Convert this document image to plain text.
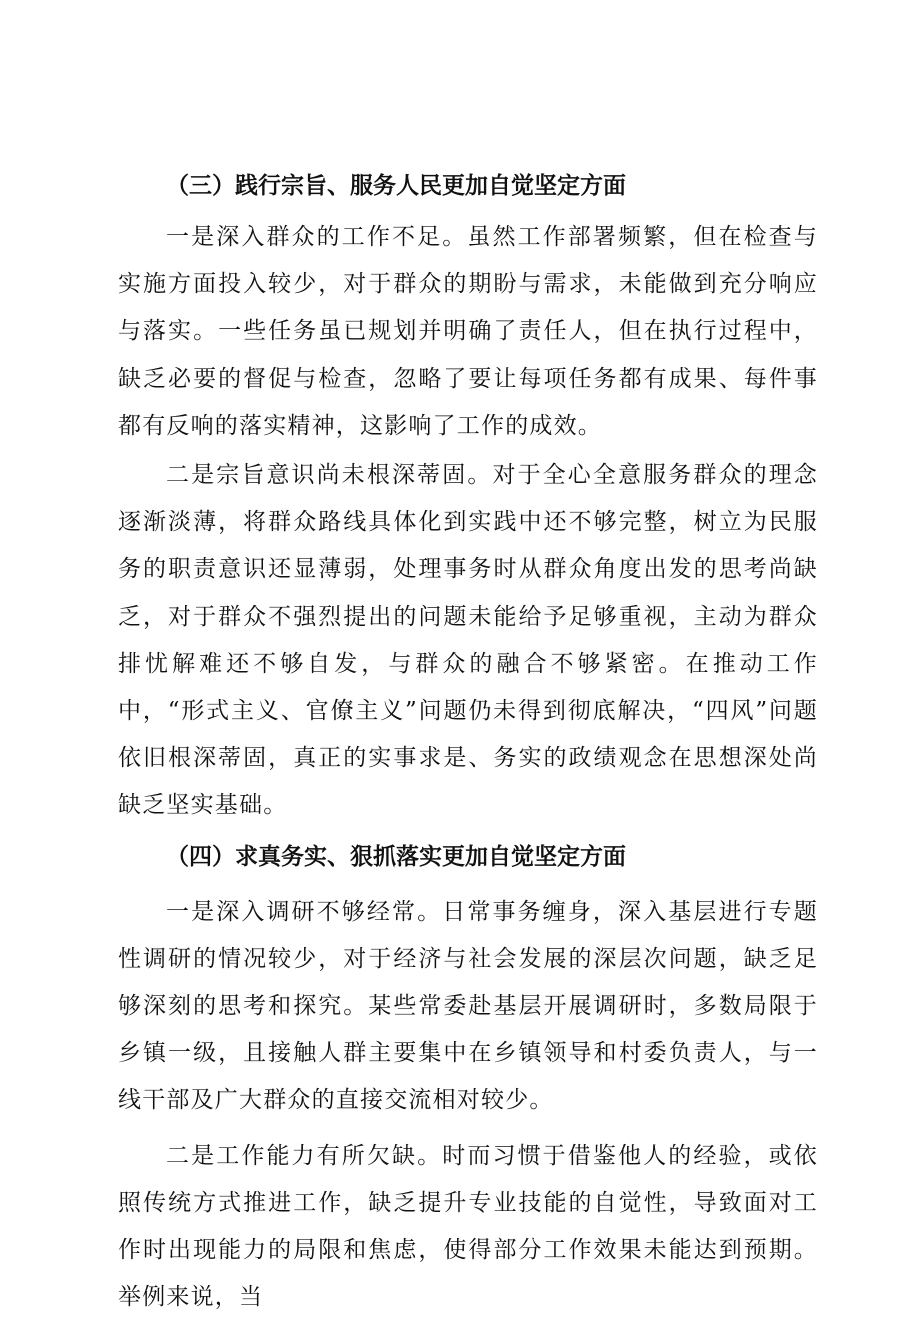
（三）践行宗旨、服务人民更加自觉坚定方面

一是深入群众的工作不足。虽然工作部署频繁，但在检查与实施方面投入较少，对于群众的期盼与需求，未能做到充分响应与落实。一些任务虽已规划并明确了责任人，但在执行过程中，缺乏必要的督促与检查，忽略了要让每项任务都有成果、每件事都有反响的落实精神，这影响了工作的成效。

二是宗旨意识尚未根深蒂固。对于全心全意服务群众的理念逐渐淡薄，将群众路线具体化到实践中还不够完整，树立为民服务的职责意识还显薄弱，处理事务时从群众角度出发的思考尚缺乏，对于群众不强烈提出的问题未能给予足够重视，主动为群众排忧解难还不够自发，与群众的融合不够紧密。在推动工作中，“形式主义、官僚主义”问题仍未得到彻底解决，“四风”问题依旧根深蒂固，真正的实事求是、务实的政绩观念在思想深处尚缺乏坚实基础。

（四）求真务实、狠抓落实更加自觉坚定方面

一是深入调研不够经常。日常事务缠身，深入基层进行专题性调研的情况较少，对于经济与社会发展的深层次问题，缺乏足够深刻的思考和探究。某些常委赴基层开展调研时，多数局限于乡镇一级，且接触人群主要集中在乡镇领导和村委负责人，与一线干部及广大群众的直接交流相对较少。

二是工作能力有所欠缺。时而习惯于借鉴他人的经验，或依照传统方式推进工作，缺乏提升专业技能的自觉性，导致面对工作时出现能力的局限和焦虑，使得部分工作效果未能达到预期。举例来说，当
